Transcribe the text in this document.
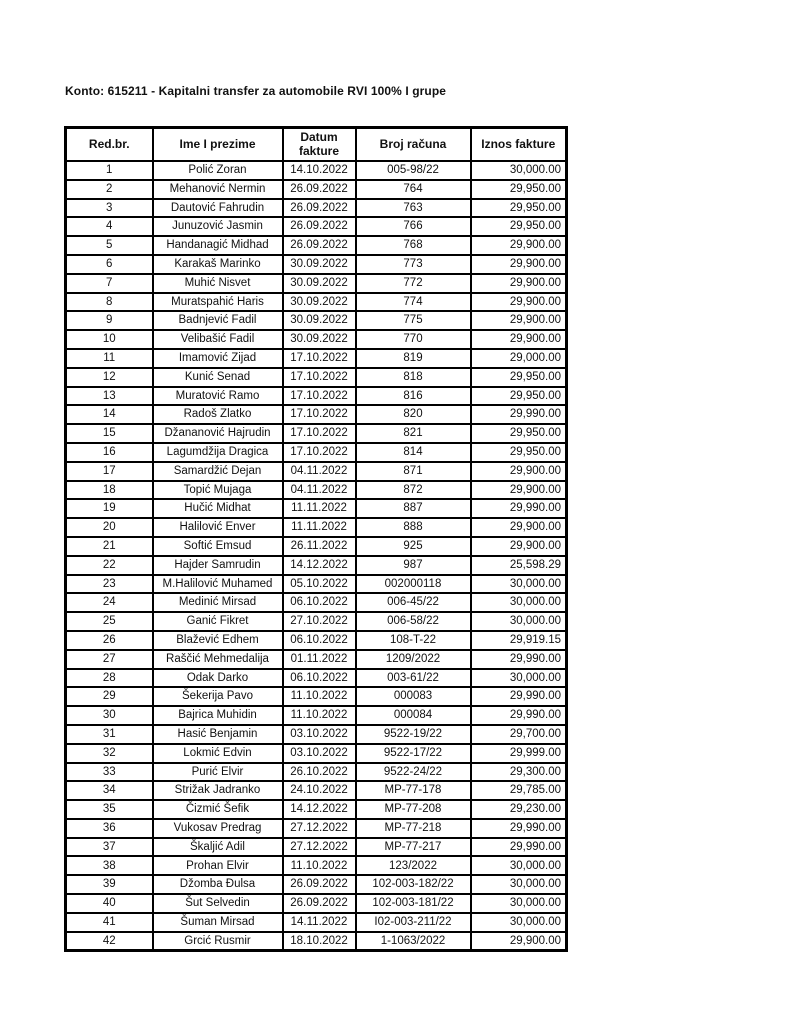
Konto: 615211 - Kapitalni transfer za automobile RVI 100% I grupe
Red.br.	Ime I prezime	Datum fakture	Broj računa	Iznos fakture
1	Polić Zoran	14.10.2022	005-98/22	30,000.00
2	Mehanović Nermin	26.09.2022	764	29,950.00
3	Dautović Fahrudin	26.09.2022	763	29,950.00
4	Junuzović Jasmin	26.09.2022	766	29,950.00
5	Handanagić Midhad	26.09.2022	768	29,900.00
6	Karakaš Marinko	30.09.2022	773	29,900.00
7	Muhić Nisvet	30.09.2022	772	29,900.00
8	Muratspahić Haris	30.09.2022	774	29,900.00
9	Badnjević Fadil	30.09.2022	775	29,900.00
10	Velibašić Fadil	30.09.2022	770	29,900.00
11	Imamović Zijad	17.10.2022	819	29,000.00
12	Kunić Senad	17.10.2022	818	29,950.00
13	Muratović Ramo	17.10.2022	816	29,950.00
14	Radoš Zlatko	17.10.2022	820	29,990.00
15	Džananović Hajrudin	17.10.2022	821	29,950.00
16	Lagumdžija Dragica	17.10.2022	814	29,950.00
17	Samardžić Dejan	04.11.2022	871	29,900.00
18	Topić Mujaga	04.11.2022	872	29,900.00
19	Hučić Midhat	11.11.2022	887	29,990.00
20	Halilović Enver	11.11.2022	888	29,900.00
21	Softić Emsud	26.11.2022	925	29,900.00
22	Hajder Samrudin	14.12.2022	987	25,598.29
23	M.Halilović Muhamed	05.10.2022	002000118	30,000.00
24	Medinić Mirsad	06.10.2022	006-45/22	30,000.00
25	Ganić Fikret	27.10.2022	006-58/22	30,000.00
26	Blažević Edhem	06.10.2022	108-T-22	29,919.15
27	Raščić Mehmedalija	01.11.2022	1209/2022	29,990.00
28	Odak Darko	06.10.2022	003-61/22	30,000.00
29	Šekerija Pavo	11.10.2022	000083	29,990.00
30	Bajrica Muhidin	11.10.2022	000084	29,990.00
31	Hasić Benjamin	03.10.2022	9522-19/22	29,700.00
32	Lokmić Edvin	03.10.2022	9522-17/22	29,999.00
33	Purić Elvir	26.10.2022	9522-24/22	29,300.00
34	Strižak Jadranko	24.10.2022	MP-77-178	29,785.00
35	Čizmić Šefik	14.12.2022	MP-77-208	29,230.00
36	Vukosav Predrag	27.12.2022	MP-77-218	29,990.00
37	Škaljić Adil	27.12.2022	MP-77-217	29,990.00
38	Prohan Elvir	11.10.2022	123/2022	30,000.00
39	Džomba Đulsa	26.09.2022	102-003-182/22	30,000.00
40	Šut Selvedin	26.09.2022	102-003-181/22	30,000.00
41	Šuman Mirsad	14.11.2022	I02-003-211/22	30,000.00
42	Grcić Rusmir	18.10.2022	1-1063/2022	29,900.00
